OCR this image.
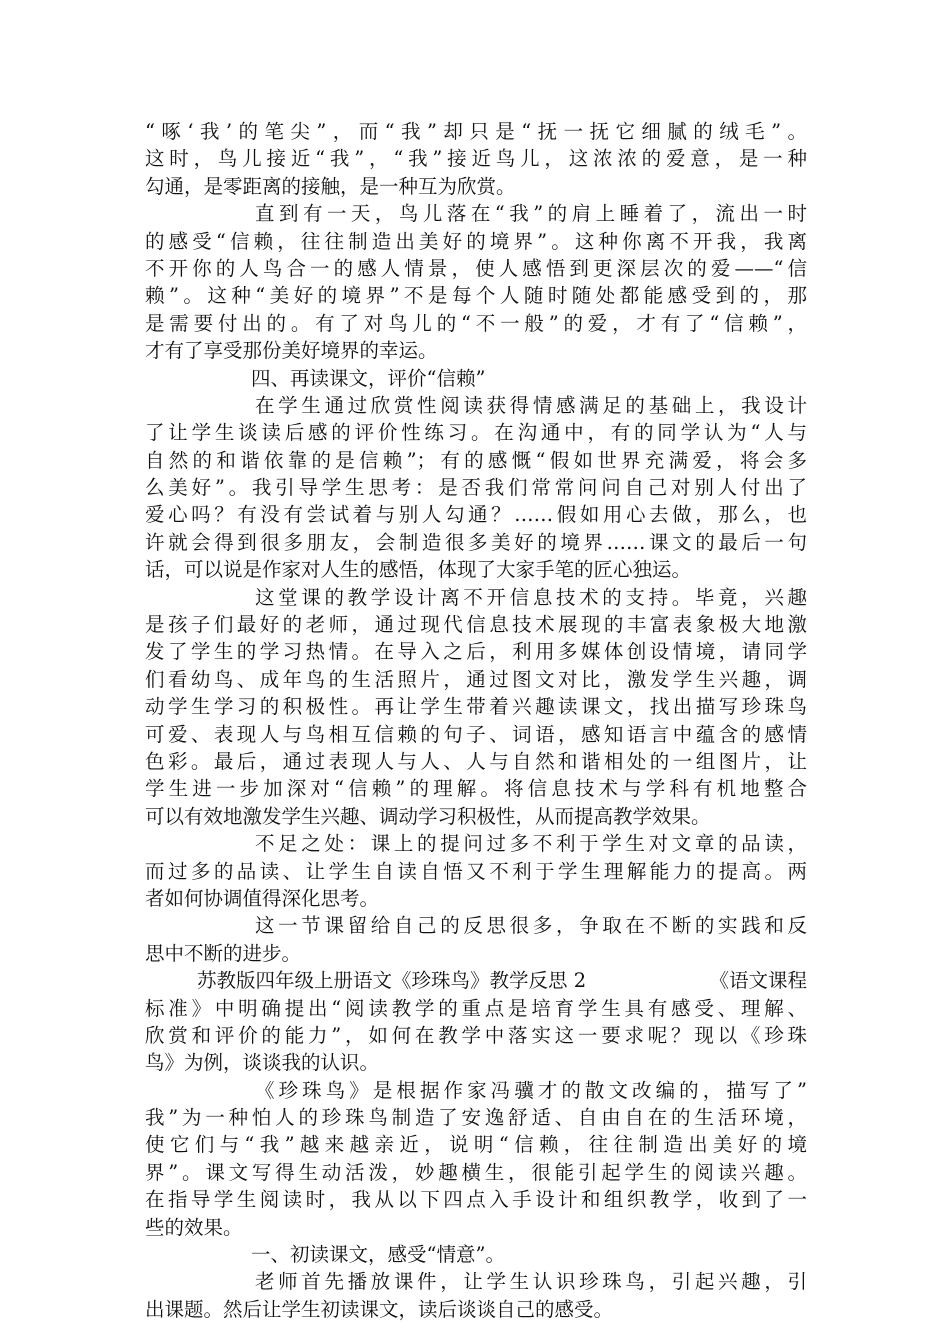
“啄‘我’的笔尖”，而“我”却只是“抚一抚它细腻的绒毛”。
这时，鸟儿接近“我”，“我”接近鸟儿，这浓浓的爱意，是一种
勾通，是零距离的接触，是一种互为欣赏。
直到有一天，鸟儿落在“我”的肩上睡着了，流出一时
的感受“信赖，往往制造出美好的境界”。这种你离不开我，我离
不开你的人鸟合一的感人情景，使人感悟到更深层次的爱——“信
赖”。这种“美好的境界”不是每个人随时随处都能感受到的，那
是需要付出的。有了对鸟儿的“不一般”的爱，才有了“信赖”，
才有了享受那份美好境界的幸运。
四、再读课文，评价“信赖”
在学生通过欣赏性阅读获得情感满足的基础上，我设计
了让学生谈读后感的评价性练习。在沟通中，有的同学认为“人与
自然的和谐依靠的是信赖”；有的感慨“假如世界充满爱，将会多
么美好”。我引导学生思考：是否我们常常问问自己对别人付出了
爱心吗？有没有尝试着与别人勾通？……假如用心去做，那么，也
许就会得到很多朋友，会制造很多美好的境界……课文的最后一句
话，可以说是作家对人生的感悟，体现了大家手笔的匠心独运。
这堂课的教学设计离不开信息技术的支持。毕竟，兴趣
是孩子们最好的老师，通过现代信息技术展现的丰富表象极大地激
发了学生的学习热情。在导入之后，利用多媒体创设情境，请同学
们看幼鸟、成年鸟的生活照片，通过图文对比，激发学生兴趣，调
动学生学习的积极性。再让学生带着兴趣读课文，找出描写珍珠鸟
可爱、表现人与鸟相互信赖的句子、词语，感知语言中蕴含的感情
色彩。最后，通过表现人与人、人与自然和谐相处的一组图片，让
学生进一步加深对“信赖”的理解。将信息技术与学科有机地整合
可以有效地激发学生兴趣、调动学习积极性，从而提高教学效果。
不足之处：课上的提问过多不利于学生对文章的品读，
而过多的品读、让学生自读自悟又不利于学生理解能力的提高。两
者如何协调值得深化思考。
这一节课留给自己的反思很多，争取在不断的实践和反
思中不断的进步。
苏教版四年级上册语文《珍珠鸟》教学反思 2	《语文课程
标准》中明确提出“阅读教学的重点是培育学生具有感受、理解、
欣赏和评价的能力”，如何在教学中落实这一要求呢？现以《珍珠
鸟》为例，谈谈我的认识。
《珍珠鸟》是根据作家冯骥才的散文改编的，描写了”
我”为一种怕人的珍珠鸟制造了安逸舒适、自由自在的生活环境，
使它们与“我”越来越亲近，说明“信赖，往往制造出美好的境
界”。课文写得生动活泼，妙趣横生，很能引起学生的阅读兴趣。
在指导学生阅读时，我从以下四点入手设计和组织教学，收到了一
些的效果。
一、初读课文，感受“情意”。
老师首先播放课件，让学生认识珍珠鸟，引起兴趣，引
出课题。然后让学生初读课文，读后谈谈自己的感受。
